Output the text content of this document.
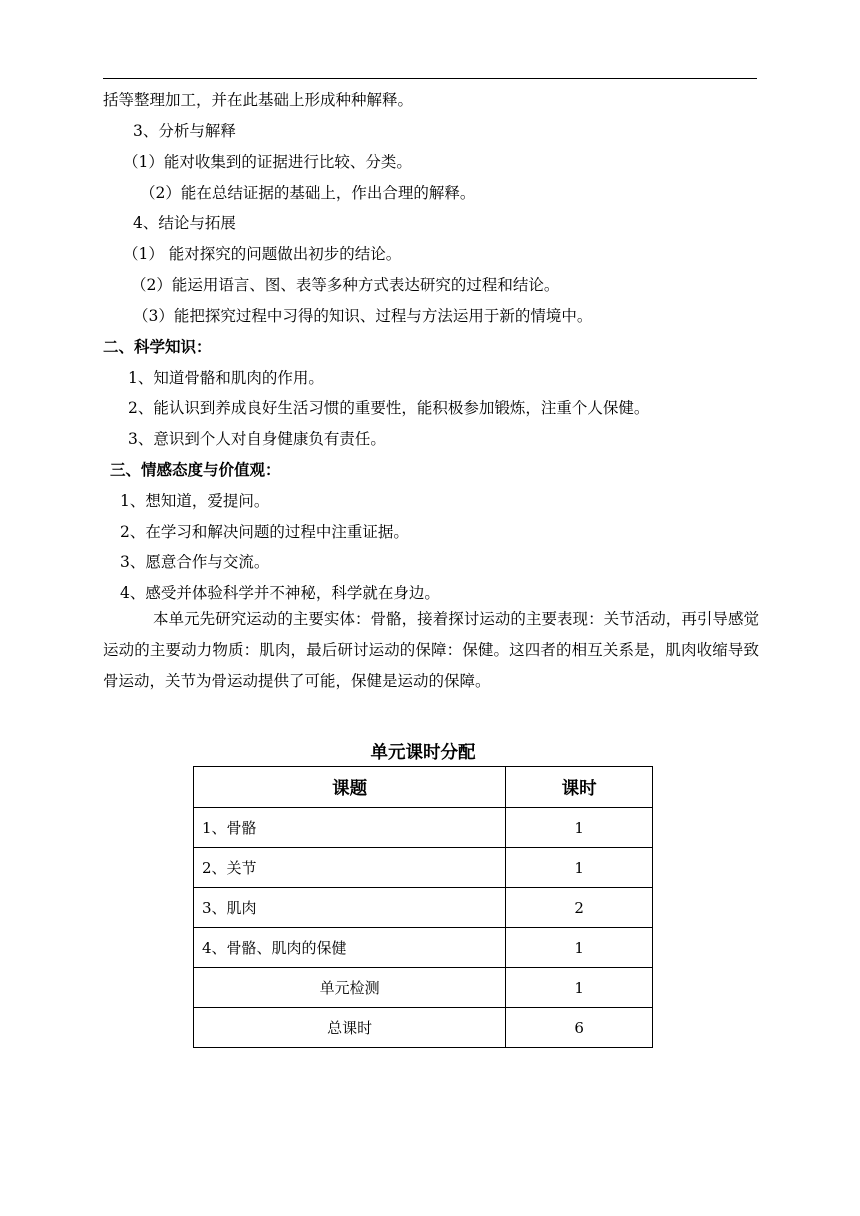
括等整理加工，并在此基础上形成种种解释。
3、分析与解释
（1）能对收集到的证据进行比较、分类。
（2）能在总结证据的基础上，作出合理的解释。
4、结论与拓展
（1） 能对探究的问题做出初步的结论。
（2）能运用语言、图、表等多种方式表达研究的过程和结论。
（3）能把探究过程中习得的知识、过程与方法运用于新的情境中。
二、科学知识：
1、知道骨骼和肌肉的作用。
2、能认识到养成良好生活习惯的重要性，能积极参加锻炼，注重个人保健。
3、意识到个人对自身健康负有责任。
三、情感态度与价值观：
1、想知道，爱提问。
2、在学习和解决问题的过程中注重证据。
3、愿意合作与交流。
4、感受并体验科学并不神秘，科学就在身边。
本单元先研究运动的主要实体：骨骼，接着探讨运动的主要表现：关节活动，再引导感觉运动的主要动力物质：肌肉，最后研讨运动的保障：保健。这四者的相互关系是，肌肉收缩导致骨运动，关节为骨运动提供了可能，保健是运动的保障。
单元课时分配
课题	课时
1、骨骼	1
2、关节	1
3、肌肉	2
4、骨骼、肌肉的保健	1
单元检测	1
总课时	6
